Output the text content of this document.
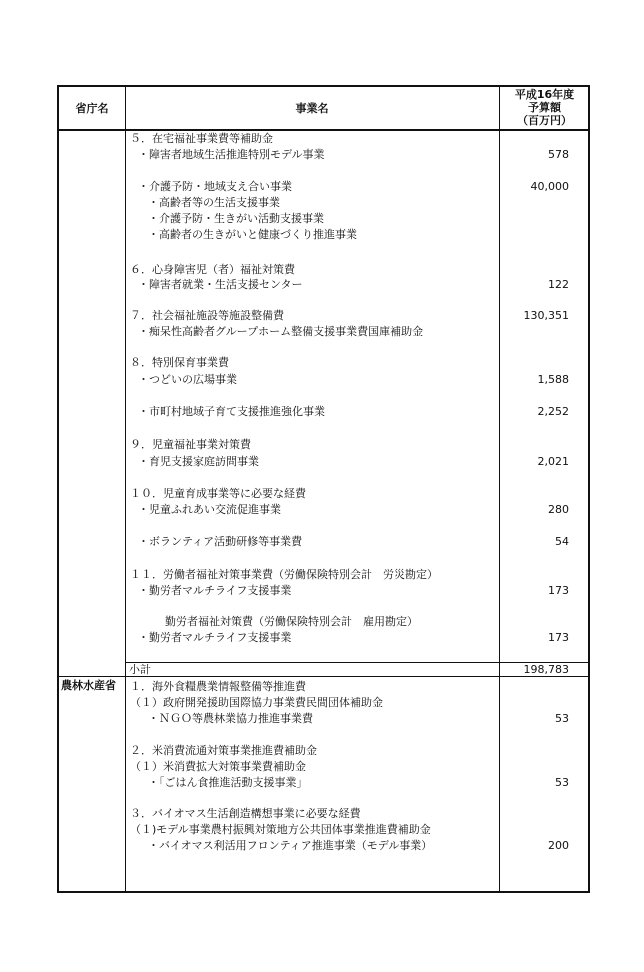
省庁名	事業名
平成16年度
予算額
（百万円）
５．在宅福祉事業費等補助金
・障害者地域生活推進特別モデル事業
・介護予防・地域支え合い事業
・高齢者等の生活支援事業
・介護予防・生きがい活動支援事業
・高齢者の生きがいと健康づくり推進事業
６．心身障害児（者）福祉対策費
・障害者就業・生活支援センター
７．社会福祉施設等施設整備費
・痴呆性高齢者グループホーム整備支援事業費国庫補助金
８．特別保育事業費
・つどいの広場事業
・市町村地域子育て支援推進強化事業
９．児童福祉事業対策費
・育児支援家庭訪問事業
１０．児童育成事業等に必要な経費
・児童ふれあい交流促進事業
・ボランティア活動研修等事業費
１１．労働者福祉対策事業費（労働保険特別会計　労災勘定）
・勤労者マルチライフ支援事業
勤労者福祉対策費（労働保険特別会計　雇用勘定）
・勤労者マルチライフ支援事業
578
40,000
122
130,351
1,588
2,252
2,021
280
54
173
173
小計	198,783
農林水産省 １．海外食糧農業情報整備等推進費
（１）政府開発援助国際協力事業費民間団体補助金
・ＮＧＯ等農林業協力推進事業費
２．米消費流通対策事業推進費補助金
（１）米消費拡大対策事業費補助金
・「ごはん食推進活動支援事業」
３．バイオマス生活創造構想事業に必要な経費
（１)モデル事業農村振興対策地方公共団体事業推進費補助金
・バイオマス利活用フロンティア推進事業（モデル事業）
53
53
200
